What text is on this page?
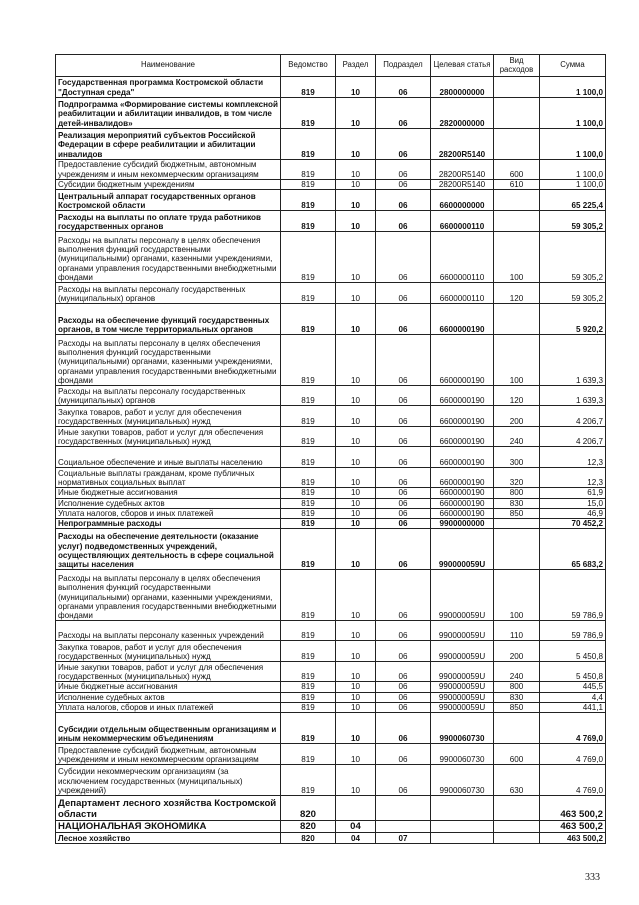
Наименование	Ведомство	Раздел	Подраздел	Целевая статья	Вид расходов	Сумма
Государственная программа Костромской области "Доступная среда"	819	10	06	2800000000		1 100,0
Подпрограмма «Формирование системы комплексной реабилитации и абилитации инвалидов, в том числе детей-инвалидов»	819	10	06	2820000000		1 100,0
Реализация мероприятий субъектов Российской Федерации в сфере реабилитации и абилитации инвалидов	819	10	06	28200R5140		1 100,0
Предоставление субсидий бюджетным, автономным учреждениям и иным некоммерческим организациям	819	10	06	28200R5140	600	1 100,0
Субсидии бюджетным учреждениям	819	10	06	28200R5140	610	1 100,0
Центральный аппарат государственных органов Костромской области	819	10	06	6600000000		65 225,4
Расходы на выплаты по оплате труда работников государственных органов	819	10	06	6600000110		59 305,2
Расходы на выплаты персоналу в целях обеспечения выполнения функций государственными (муниципальными) органами, казенными учреждениями, органами управления государственными внебюджетными фондами	819	10	06	6600000110	100	59 305,2
Расходы на выплаты персоналу государственных (муниципальных) органов	819	10	06	6600000110	120	59 305,2
Расходы на обеспечение функций государственных органов, в том числе территориальных органов	819	10	06	6600000190		5 920,2
Расходы на выплаты персоналу в целях обеспечения выполнения функций государственными (муниципальными) органами, казенными учреждениями, органами управления государственными внебюджетными фондами	819	10	06	6600000190	100	1 639,3
Расходы на выплаты персоналу государственных (муниципальных) органов	819	10	06	6600000190	120	1 639,3
Закупка товаров, работ и услуг для обеспечения государственных (муниципальных) нужд	819	10	06	6600000190	200	4 206,7
Иные закупки товаров, работ и услуг для обеспечения государственных (муниципальных) нужд	819	10	06	6600000190	240	4 206,7
Социальное обеспечение и иные выплаты населению	819	10	06	6600000190	300	12,3
Социальные выплаты гражданам, кроме публичных нормативных социальных выплат	819	10	06	6600000190	320	12,3
Иные бюджетные ассигнования	819	10	06	6600000190	800	61,9
Исполнение судебных актов	819	10	06	6600000190	830	15,0
Уплата налогов, сборов и иных платежей	819	10	06	6600000190	850	46,9
Непрограммные расходы	819	10	06	9900000000		70 452,2
Расходы на обеспечение деятельности (оказание услуг) подведомственных учреждений, осуществляющих деятельность в сфере социальной защиты населения	819	10	06	990000059U		65 683,2
Расходы на выплаты персоналу в целях обеспечения выполнения функций государственными (муниципальными) органами, казенными учреждениями, органами управления государственными внебюджетными фондами	819	10	06	990000059U	100	59 786,9
Расходы на выплаты персоналу казенных учреждений	819	10	06	990000059U	110	59 786,9
Закупка товаров, работ и услуг для обеспечения государственных (муниципальных) нужд	819	10	06	990000059U	200	5 450,8
Иные закупки товаров, работ и услуг для обеспечения государственных (муниципальных) нужд	819	10	06	990000059U	240	5 450,8
Иные бюджетные ассигнования	819	10	06	990000059U	800	445,5
Исполнение судебных актов	819	10	06	990000059U	830	4,4
Уплата налогов, сборов и иных платежей	819	10	06	990000059U	850	441,1
Субсидии отдельным общественным организациям и иным некоммерческим объединениям	819	10	06	9900060730		4 769,0
Предоставление субсидий бюджетным, автономным учреждениям и иным некоммерческим организациям	819	10	06	9900060730	600	4 769,0
Субсидии некоммерческим организациям (за исключением государственных (муниципальных) учреждений)	819	10	06	9900060730	630	4 769,0
Департамент лесного хозяйства Костромской области	820					463 500,2
НАЦИОНАЛЬНАЯ ЭКОНОМИКА	820	04				463 500,2
Лесное хозяйство	820	04	07			463 500,2
333
